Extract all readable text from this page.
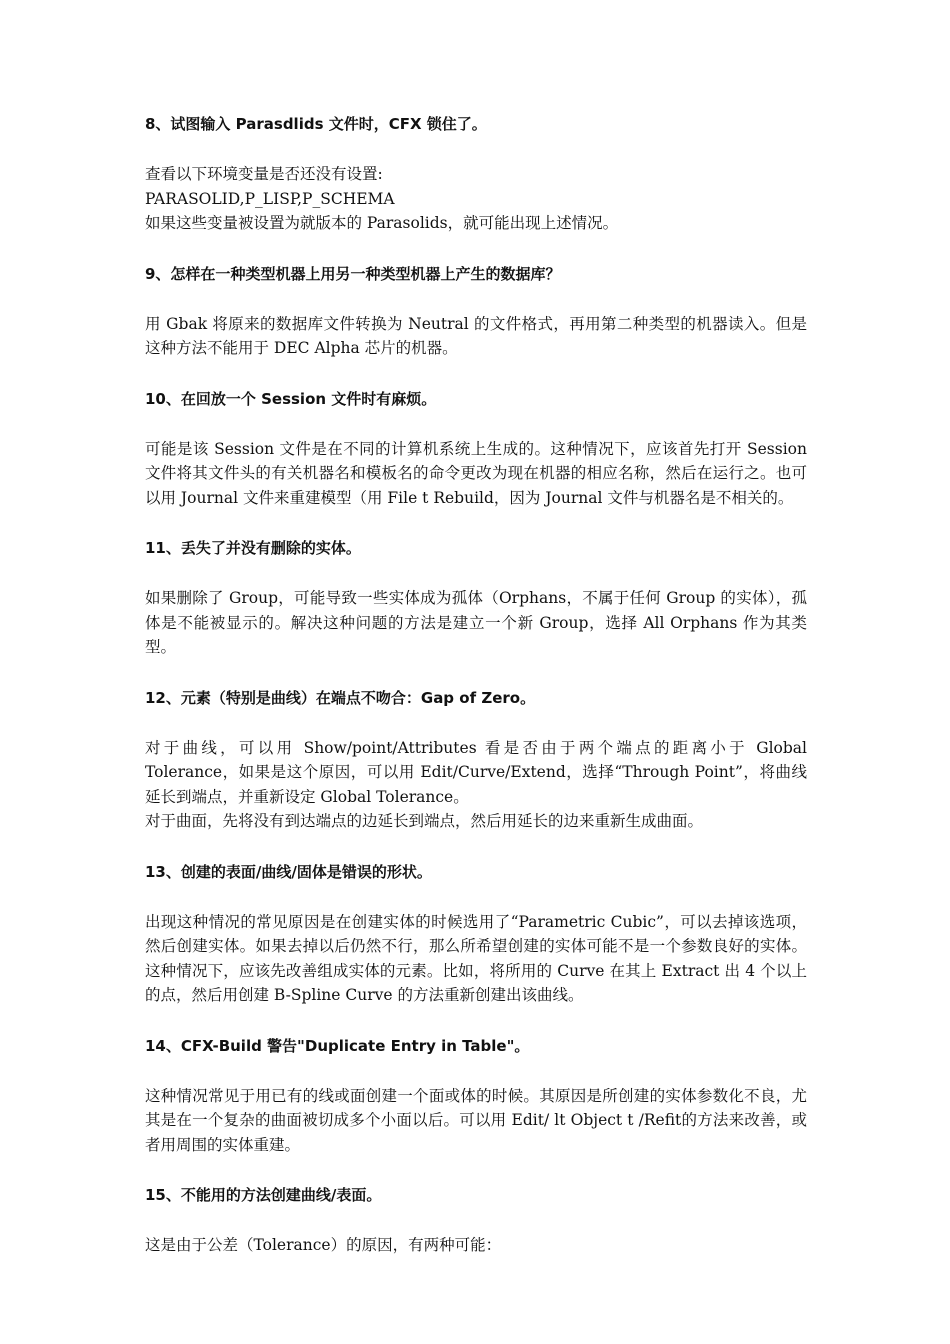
8、试图输入 Parasdlids 文件时，CFX 锁住了。

查看以下环境变量是否还没有设置:

PARASOLID,P_LISP,P_SCHEMA

如果这些变量被设置为就版本的 Parasolids，就可能出现上述情况。

9、怎样在一种类型机器上用另一种类型机器上产生的数据库？

用 Gbak 将原来的数据库文件转换为 Neutral 的文件格式，再用第二种类型的机器读入。但是这种方法不能用于 DEC Alpha 芯片的机器。

10、在回放一个 Session 文件时有麻烦。

可能是该 Session 文件是在不同的计算机系统上生成的。这种情况下，应该首先打开 Session 文件将其文件头的有关机器名和模板名的命令更改为现在机器的相应名称，然后在运行之。也可以用 Journal 文件来重建模型（用 File t Rebuild，因为 Journal 文件与机器名是不相关的。

11、丢失了并没有删除的实体。

如果删除了 Group，可能导致一些实体成为孤体（Orphans，不属于任何 Group 的实体），孤体是不能被显示的。解决这种问题的方法是建立一个新 Group，选择 All Orphans 作为其类型。

12、元素（特别是曲线）在端点不吻合：Gap of Zero。

对于曲线，可以用 Show/point/Attributes 看是否由于两个端点的距离小于 Global Tolerance，如果是这个原因，可以用 Edit/Curve/Extend，选择“Through Point”，将曲线延长到端点，并重新设定 Global Tolerance。

对于曲面，先将没有到达端点的边延长到端点，然后用延长的边来重新生成曲面。

13、创建的表面/曲线/固体是错误的形状。

出现这种情况的常见原因是在创建实体的时候选用了“Parametric Cubic”，可以去掉该选项，然后创建实体。如果去掉以后仍然不行，那么所希望创建的实体可能不是一个参数良好的实体。这种情况下，应该先改善组成实体的元素。比如，将所用的 Curve 在其上 Extract 出 4 个以上的点，然后用创建 B-Spline Curve 的方法重新创建出该曲线。

14、CFX-Build 警告"Duplicate Entry in Table"。

这种情况常见于用已有的线或面创建一个面或体的时候。其原因是所创建的实体参数化不良，尤其是在一个复杂的曲面被切成多个小面以后。可以用 Edit/ lt Object t /Refit的方法来改善，或者用周围的实体重建。

15、不能用的方法创建曲线/表面。

这是由于公差（Tolerance）的原因，有两种可能：
